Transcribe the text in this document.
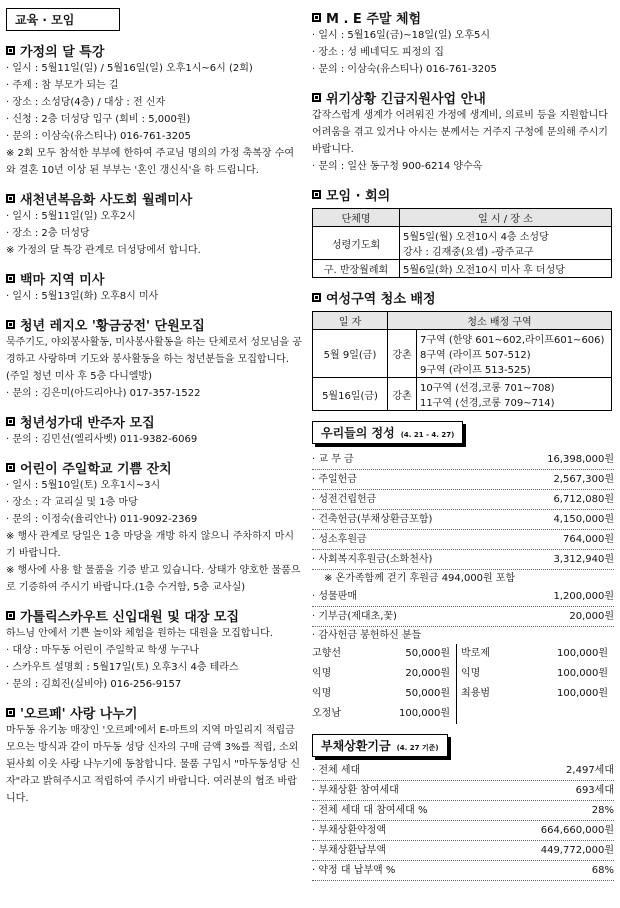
교육 · 모임
가정의 달 특강
· 일시 : 5월11일(일) / 5월16일(일) 오후1시~6시 (2회)
· 주제 : 참 부모가 되는 길
· 장소 : 소성당(4층) / 대상 : 전 신자
· 신청 : 2층 더성당 입구 (회비 : 5,000원)
· 문의 : 이삼숙(유스티나) 016-761-3205
※ 2회 모두 참석한 부부에 한하여 주교님 명의의 가정 축복장 수여와 결혼 10년 이상 된 부부는 '혼인 갱신식'을 하 드립니다.
새천년복음화 사도회 월례미사
· 일시 : 5월11일(일) 오후2시
· 장소 : 2층 더성당
※ 가정의 달 특강 관계로 더성당에서 합니다.
백마 지역 미사
· 일시 : 5월13일(화) 오후8시 미사
청년 레지오 '황금궁전' 단원모집
묵주기도, 야외봉사활동, 미사봉사활동을 하는 단체로서 성모님을 공경하고 사랑하며 기도와 봉사활동을 하는 청년분들을 모집합니다. (주일 청년 미사 후 5층 다니엘방)
· 문의 : 김은미(아드리아나) 017-357-1522
청년성가대 반주자 모집
· 문의 : 김민선(엘리사벳) 011-9382-6069
어린이 주일학교 기쁨 잔치
· 일시 : 5월10일(토) 오후1시~3시
· 장소 : 각 교리실 및 1층 마당
· 문의 : 이정숙(율리안나) 011-9092-2369
※ 행사 관계로 당일은 1층 마당을 개방 하지 않으니 주차하지 마시기 바랍니다.
※ 행사에 사용 할 물품을 기증 받고 있습니다. 상태가 양호한 물품으로 기증하여 주시기 바랍니다.(1층 수거함, 5층 교사실)
가톨릭스카우트 신입대원 및 대장 모집
하느님 안에서 기쁜 놀이와 체험을 원하는 대원을 모집합니다.
· 대상 : 마두동 어린이 주일학교 학생 누구나
· 스카우트 설명회 : 5월17일(토) 오후3시 4층 테라스
· 문의 : 김희진(실비아) 016-256-9157
'오르페' 사랑 나누기
마두동 유기농 매장인 '오르페'에서 E-마트의 지역 마일리지 적립금 모으는 방식과 같이 마두동 성당 신자의 구매 금액 3%를 적립, 소외된사회 이웃 사랑 나누기에 동참합니다. 물품 구입시 "마두동성당 신자"라고 밝혀주시고 적립하여 주시기 바랍니다. 여러분의 협조 바랍니다.
M . E 주말 체험
· 일시 : 5월16일(금)~18일(일) 오후5시
· 장소 : 성 베네딕도 피정의 집
· 문의 : 이삼숙(유스티나) 016-761-3205
위기상황 긴급지원사업 안내
갑작스럽게 생계가 어려워진 가정에 생계비, 의료비 등을 지원합니다 어려움을 겪고 있거나 아시는 분께서는 거주지 구청에 문의해 주시기 바랍니다.
· 문의 : 일산 동구청 900-6214 양수옥
모임 · 회의
단체명	일 시 / 장 소
성령기도회	5월5일(월) 오전10시 4층 소성당
강사 : 김재중(요셉) -광주교구

구. 반장월례회	5월6일(화) 오전10시 미사 후 더성당
여성구역 청소 배정
일 자	청소 배정 구역	
5월 9일(금)	강촌	7구역 (한양 601~602,라이프601~606)
8구역 (라이프 507-512)
9구역 (라이프 513-525)

5월16일(금)	강촌	10구역 (선경,코롱 701~708)
11구역 (선경,코롱 709~714)
우리들의 정성 (4. 21 - 4. 27)
· 교 무 금	16,398,000원
· 주일헌금	2,567,300원
· 성전건립헌금	6,712,080원
· 건축헌금(부채상환금포함)	4,150,000원
· 성소후원금	764,000원
· 사회복지후원금(소화천사)	3,312,940원
※ 온가족함께 걷기 후원금 494,000원 포함
· 성물판매	1,200,000원
· 기부금(제대초,꽃)	20,000원
· 감사헌금 봉헌하신 분들
고향선	50,000원	박로제	100,000원
익명	20,000원	익명	100,000원
익명	50,000원	최용범	100,000원
오정남	100,000원
부채상환기금 (4. 27 기준)
· 전체 세대	2,497세대
· 부채상환 참여세대	693세대
· 전체 세대 대 참여세대 %	28%
· 부채상환약정액	664,660,000원
· 부채상환납부액	449,772,000원
· 약정 대 납부액 %	68%
